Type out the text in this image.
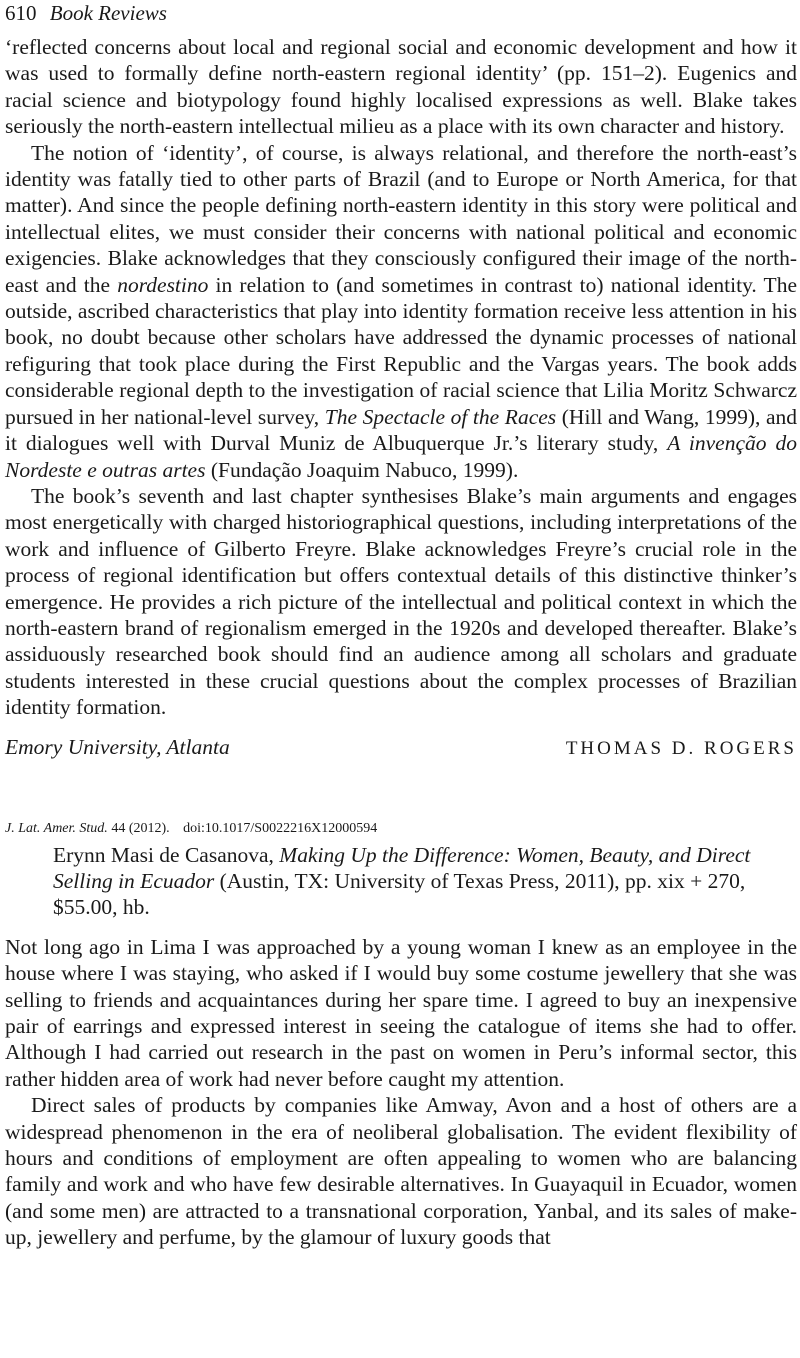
610 Book Reviews

‘reflected concerns about local and regional social and economic development and how it was used to formally define north-eastern regional identity’ (pp. 151–2). Eugenics and racial science and biotypology found highly localised expressions as well. Blake takes seriously the north-eastern intellectual milieu as a place with its own character and history.

The notion of ‘identity’, of course, is always relational, and therefore the north-east’s identity was fatally tied to other parts of Brazil (and to Europe or North America, for that matter). And since the people defining north-eastern identity in this story were political and intellectual elites, we must consider their concerns with national political and economic exigencies. Blake acknowledges that they consciously configured their image of the north-east and the nordestino in relation to (and sometimes in contrast to) national identity. The outside, ascribed characteristics that play into identity formation receive less attention in his book, no doubt because other scholars have addressed the dynamic processes of national refiguring that took place during the First Republic and the Vargas years. The book adds considerable regional depth to the investigation of racial science that Lilia Moritz Schwarcz pursued in her national-level survey, The Spectacle of the Races (Hill and Wang, 1999), and it dialogues well with Durval Muniz de Albuquerque Jr.’s literary study, A invenção do Nordeste e outras artes (Fundação Joaquim Nabuco, 1999).

The book’s seventh and last chapter synthesises Blake’s main arguments and engages most energetically with charged historiographical questions, including interpretations of the work and influence of Gilberto Freyre. Blake acknowledges Freyre’s crucial role in the process of regional identification but offers contextual details of this distinctive thinker’s emergence. He provides a rich picture of the intellectual and political context in which the north-eastern brand of regionalism emerged in the 1920s and developed thereafter. Blake’s assiduously researched book should find an audience among all scholars and graduate students interested in these crucial questions about the complex processes of Brazilian identity formation.

Emory University, Atlanta	THOMAS D. ROGERS
J. Lat. Amer. Stud. 44 (2012). doi:10.1017/S0022216X12000594
Erynn Masi de Casanova, Making Up the Difference: Women, Beauty, and Direct Selling in Ecuador (Austin, TX: University of Texas Press, 2011), pp. xix + 270, $55.00, hb.

Not long ago in Lima I was approached by a young woman I knew as an employee in the house where I was staying, who asked if I would buy some costume jewellery that she was selling to friends and acquaintances during her spare time. I agreed to buy an inexpensive pair of earrings and expressed interest in seeing the catalogue of items she had to offer. Although I had carried out research in the past on women in Peru’s informal sector, this rather hidden area of work had never before caught my attention.

Direct sales of products by companies like Amway, Avon and a host of others are a widespread phenomenon in the era of neoliberal globalisation. The evident flexibility of hours and conditions of employment are often appealing to women who are balancing family and work and who have few desirable alternatives. In Guayaquil in Ecuador, women (and some men) are attracted to a transnational corporation, Yanbal, and its sales of make-up, jewellery and perfume, by the glamour of luxury goods that
